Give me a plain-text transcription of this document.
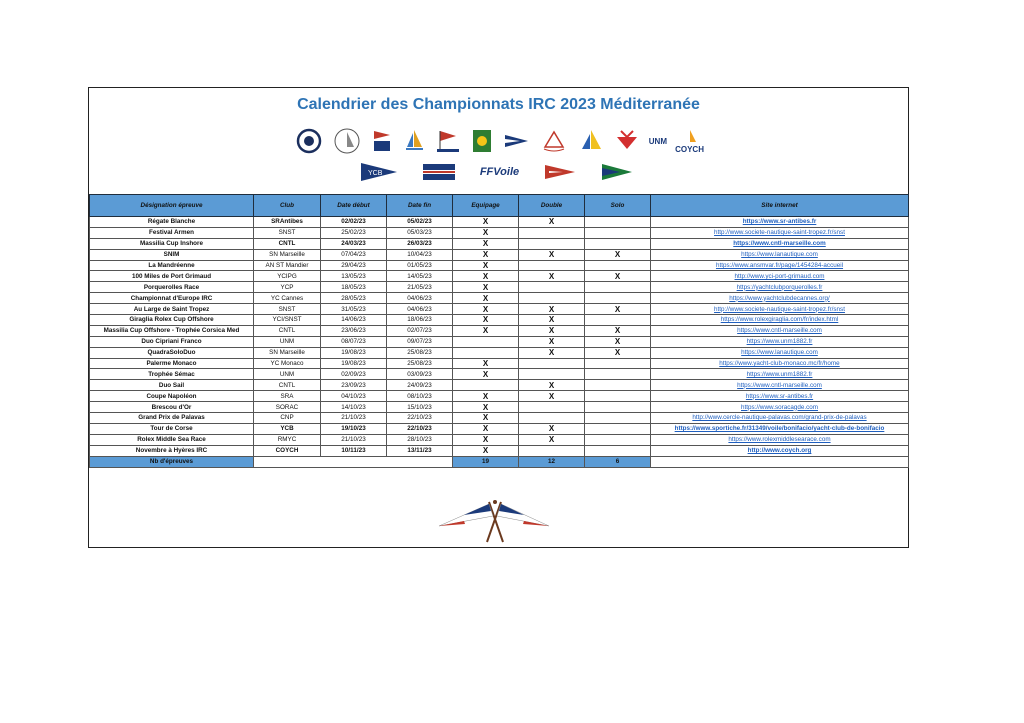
Calendrier des Championnats IRC 2023 Méditerranée
UNM

COYCH
YCB	FFVoile
Désignation épreuve	Club	Date début	Date fin	Equipage	Double	Solo	Site internet
Régate Blanche	SRAntibes	02/02/23	05/02/23	X	X		https://www.sr-antibes.fr
Festival Armen	SNST	25/02/23	05/03/23	X			http://www.societe-nautique-saint-tropez.fr/snst
Massilia Cup Inshore	CNTL	24/03/23	26/03/23	X			https://www.cntl-marseille.com
SNIM	SN Marseille	07/04/23	10/04/23	X	X	X	https://www.lanautique.com
La Mandréenne	AN ST Mandier	29/04/23	01/05/23	X			https://www.ansmvar.fr/page/1454284-accueil
100 Miles de Port Grimaud	YCIPG	13/05/23	14/05/23	X	X	X	http://www.yci-port-grimaud.com
Porquerolles Race	YCP	18/05/23	21/05/23	X			https://yachtclubporquerolles.fr
Championnat d'Europe IRC	YC Cannes	28/05/23	04/06/23	X			https://www.yachtclubdecannes.org/
Au Large de Saint Tropez	SNST	31/05/23	04/06/23	X	X	X	http://www.societe-nautique-saint-tropez.fr/snst
Giraglia Rolex Cup Offshore	YCI/SNST	14/06/23	18/06/23	X	X		https://www.rolexgiraglia.com/fr/index.html
Massilia Cup Offshore - Trophée Corsica Med	CNTL	23/06/23	02/07/23	X	X	X	https://www.cntl-marseille.com
Duo Cipriani Franco	UNM	08/07/23	09/07/23		X	X	https://www.unm1882.fr
QuadraSoloDuo	SN Marseille	19/08/23	25/08/23		X	X	https://www.lanautique.com
Palerme Monaco	YC Monaco	19/08/23	25/08/23	X			https://www.yacht-club-monaco.mc/fr/home
Trophée Sémac	UNM	02/09/23	03/09/23	X			https://www.unm1882.fr
Duo Sail	CNTL	23/09/23	24/09/23		X		https://www.cntl-marseille.com
Coupe Napoléon	SRA	04/10/23	08/10/23	X	X		https://www.sr-antibes.fr
Brescou d'Or	SORAC	14/10/23	15/10/23	X			https://www.soracagde.com
Grand Prix de Palavas	CNP	21/10/23	22/10/23	X			http://www.cercle-nautique-palavas.com/grand-prix-de-palavas
Tour de Corse	YCB	19/10/23	22/10/23	X	X		https://www.sportiche.fr/31349/voile/bonifacio/yacht-club-de-bonifacio
Rolex Middle Sea Race	RMYC	21/10/23	28/10/23	X	X		https://www.rolexmiddlesearace.com
Novembre à Hyères IRC	COYCH	10/11/23	13/11/23	X			http://www.coych.org
Nb d'épreuves				19	12	6	
